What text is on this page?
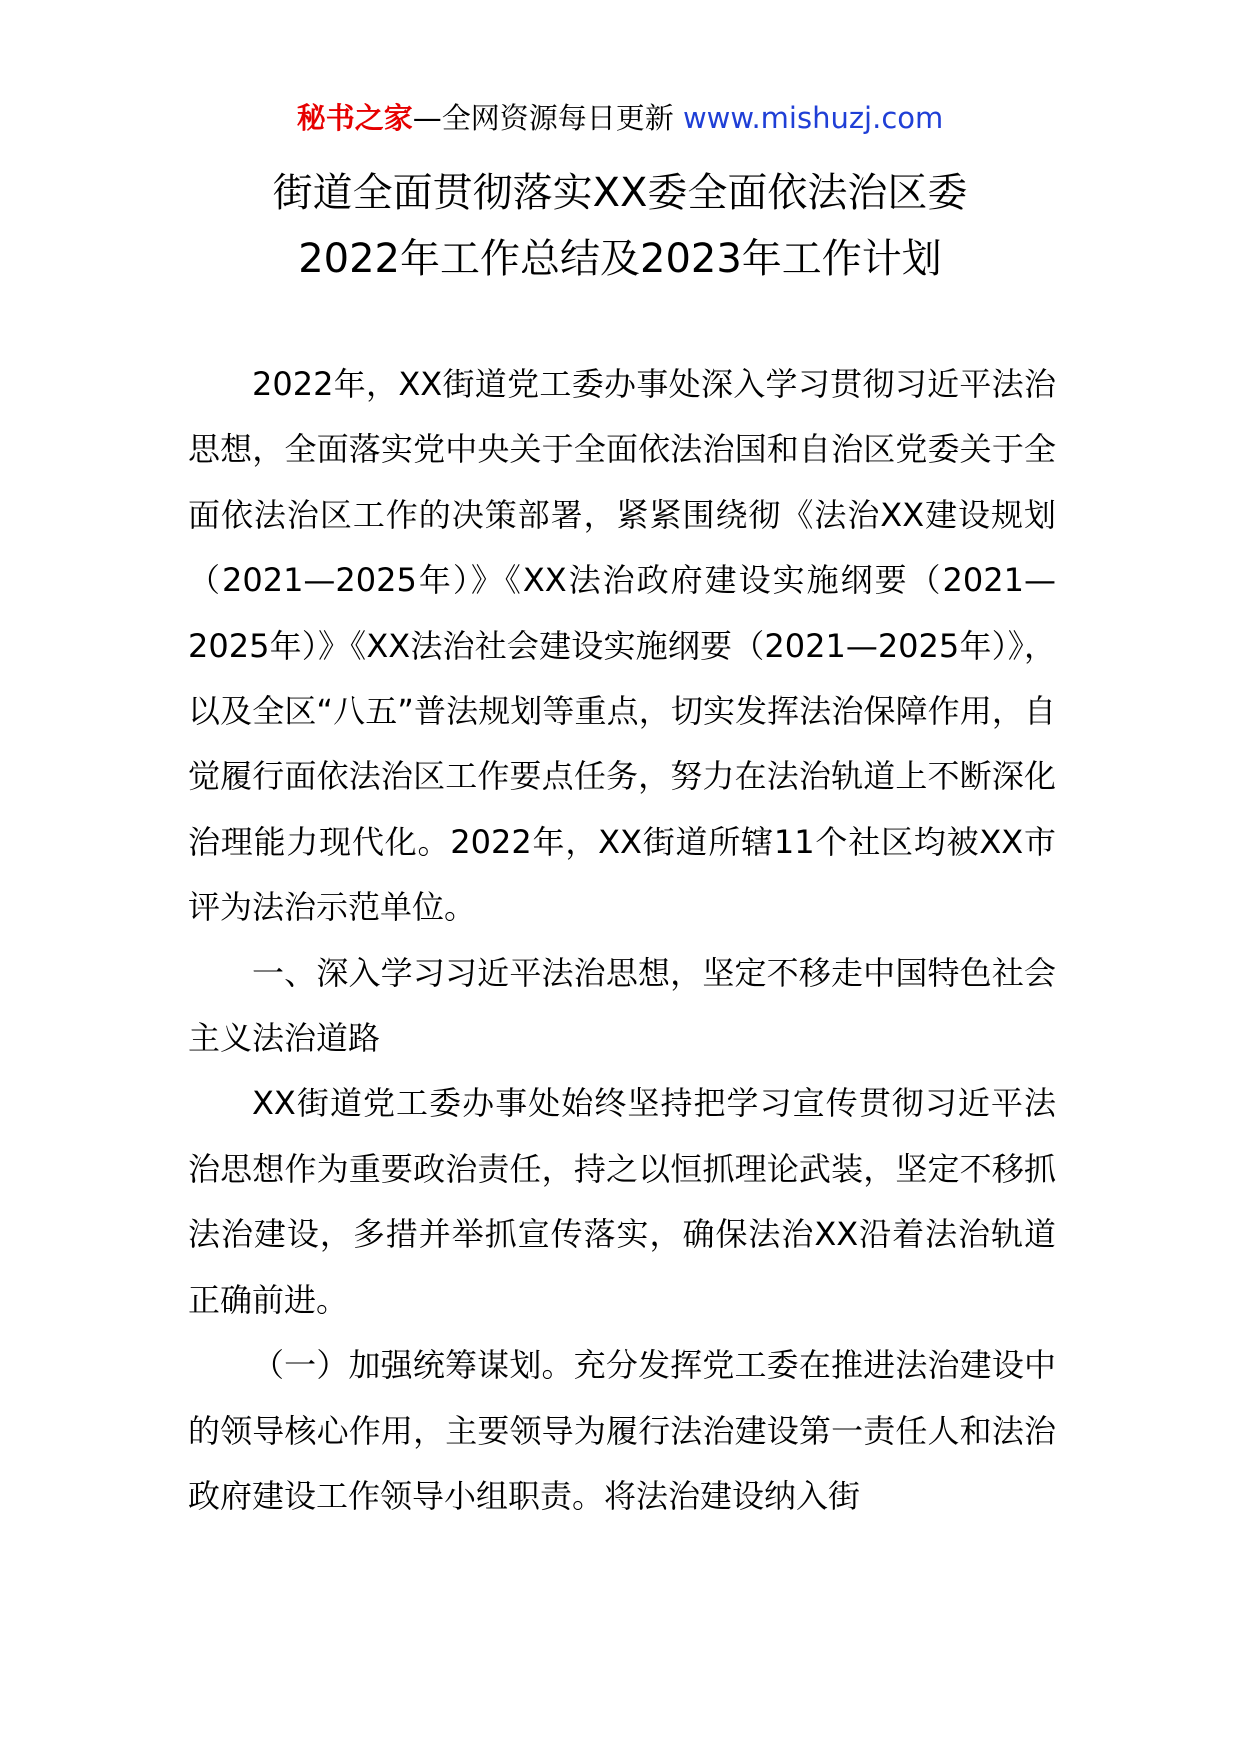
秘书之家—全网资源每日更新 www.mishuzj.com
街道全面贯彻落实XX委全面依法治区委
2022年工作总结及2023年工作计划

2022年，XX街道党工委办事处深入学习贯彻习近平法治思想，全面落实党中央关于全面依法治国和自治区党委关于全面依法治区工作的决策部署，紧紧围绕彻《法治XX建设规划（2021—2025年）》《XX法治政府建设实施纲要（2021—2025年）》《XX法治社会建设实施纲要（2021—2025年）》，以及全区“八五”普法规划等重点，切实发挥法治保障作用，自觉履行面依法治区工作要点任务，努力在法治轨道上不断深化治理能力现代化。2022年，XX街道所辖11个社区均被XX市评为法治示范单位。

一、深入学习习近平法治思想，坚定不移走中国特色社会主义法治道路

XX街道党工委办事处始终坚持把学习宣传贯彻习近平法治思想作为重要政治责任，持之以恒抓理论武装，坚定不移抓法治建设，多措并举抓宣传落实，确保法治XX沿着法治轨道正确前进。

（一）加强统筹谋划。充分发挥党工委在推进法治建设中的领导核心作用，主要领导为履行法治建设第一责任人和法治政府建设工作领导小组职责。将法治建设纳入街
